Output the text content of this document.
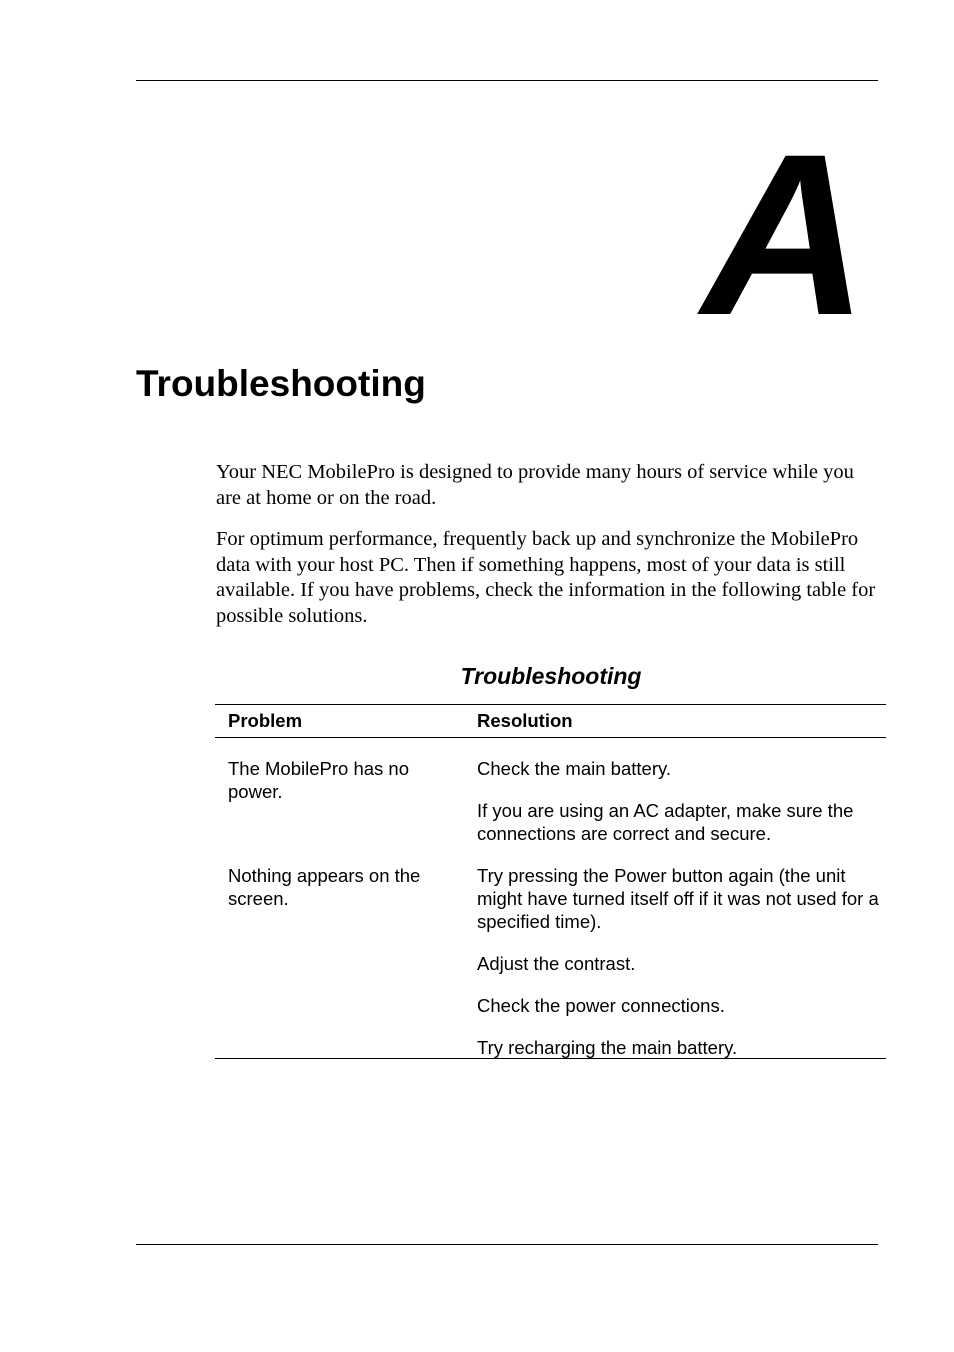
A
Troubleshooting

Your NEC MobilePro is designed to provide many hours of service while you are at home or on the road.

For optimum performance, frequently back up and synchronize the MobilePro data with your host PC. Then if something happens, most of your data is still available. If you have problems, check the information in the following table for possible solutions.

Troubleshooting
Problem	Resolution
The MobilePro has no power.
Check the main battery.
If you are using an AC adapter, make sure the connections are correct and secure.
Nothing appears on the screen.
Try pressing the Power button again (the unit might have turned itself off if it was not used for a specified time).
Adjust the contrast.
Check the power connections.
Try recharging the main battery.
